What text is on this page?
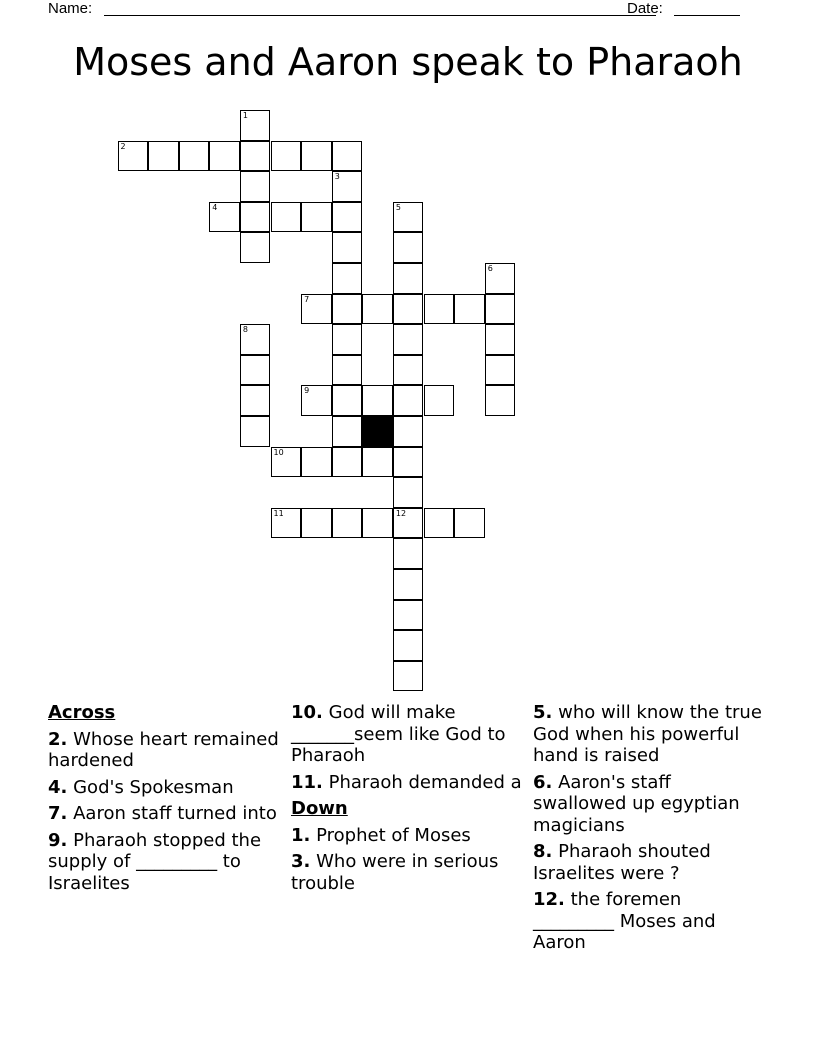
Name:	Date:
Moses and Aaron speak to Pharaoh
2
4
7
9
10
11	12
1
3
5
6
8
Across
2. Whose heart remained hardened
4. God's Spokesman
7. Aaron staff turned into
9. Pharaoh stopped the supply of _________ to Israelites
10. God will make _______seem like God to Pharaoh
11. Pharaoh demanded a
Down
1. Prophet of Moses
3. Who were in serious trouble
5. who will know the true God when his powerful hand is raised
6. Aaron's staff swallowed up egyptian magicians
8. Pharaoh shouted Israelites were ?
12. the foremen _________ Moses and Aaron
